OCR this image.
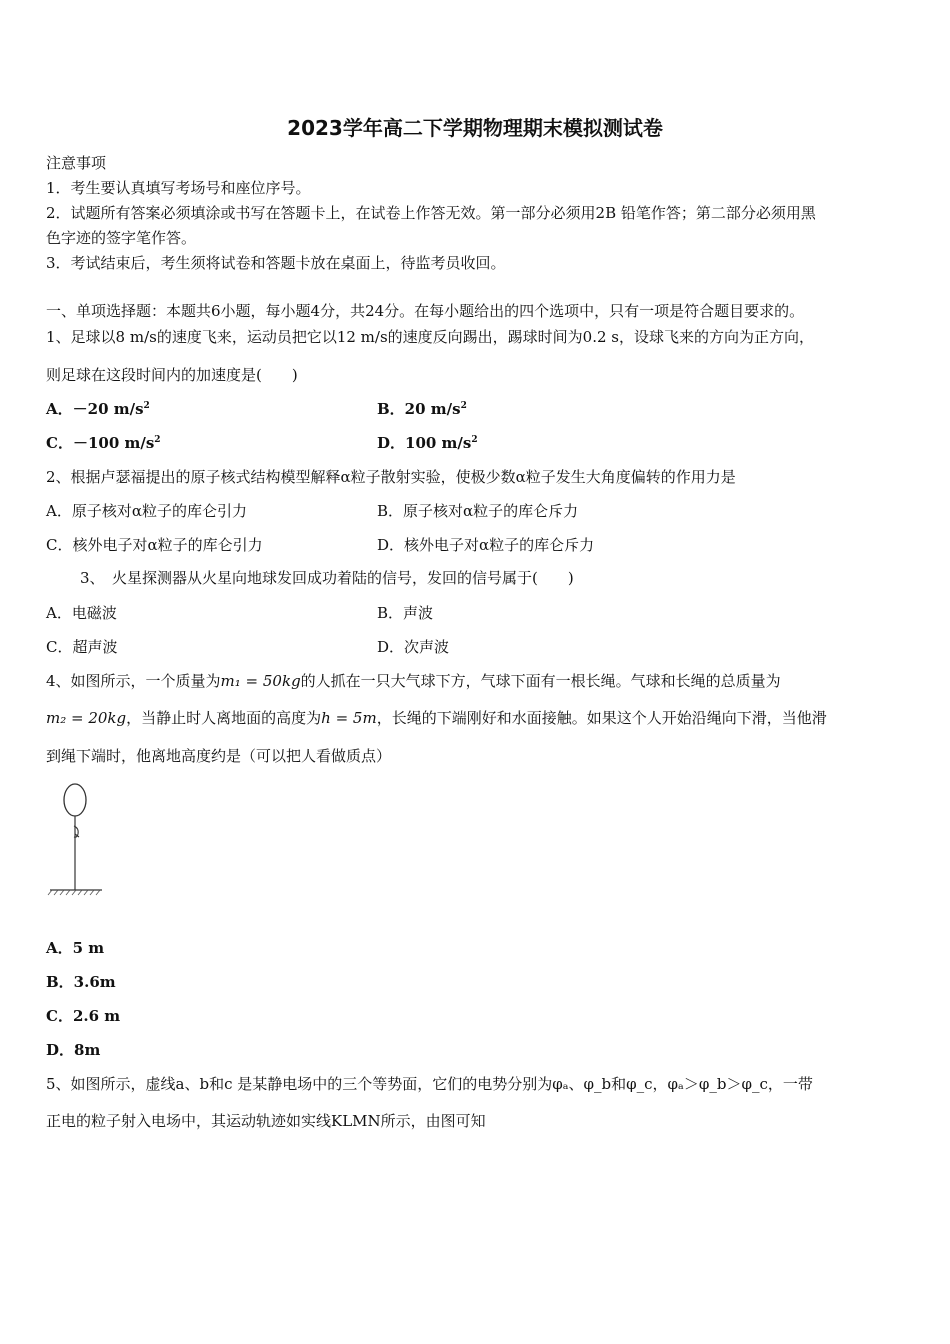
2023学年高二下学期物理期末模拟测试卷
注意事项
1．考生要认真填写考场号和座位序号。
2．试题所有答案必须填涂或书写在答题卡上，在试卷上作答无效。第一部分必须用2B 铅笔作答；第二部分必须用黑
色字迹的签字笔作答。
3．考试结束后，考生须将试卷和答题卡放在桌面上，待监考员收回。
一、单项选择题：本题共6小题，每小题4分，共24分。在每小题给出的四个选项中，只有一项是符合题目要求的。
1、足球以8 m/s的速度飞来，运动员把它以12 m/s的速度反向踢出，踢球时间为0.2 s，设球飞来的方向为正方向，
则足球在这段时间内的加速度是(　　)
A．－20 $m/s^2$	B．20 $m/s^2$
C．－100 $m/s^2$	D．100 $m/s^2$
2、根据卢瑟福提出的原子核式结构模型解释α粒子散射实验，使极少数α粒子发生大角度偏转的作用力是
A．原子核对α粒子的库仑引力	B．原子核对α粒子的库仑斥力
C．核外电子对α粒子的库仑引力	D．核外电子对α粒子的库仑斥力
3、　火星探测器从火星向地球发回成功着陆的信号，发回的信号属于(　　)
A．电磁波	B．声波
C．超声波	D．次声波
4、如图所示，一个质量为m₁ = 50kg的人抓在一只大气球下方，气球下面有一根长绳。气球和长绳的总质量为
m₂ = 20kg，当静止时人离地面的高度为h = 5m，长绳的下端刚好和水面接触。如果这个人开始沿绳向下滑，当他滑
到绳下端时，他离地高度约是（可以把人看做质点）
A．5 m
B．3.6m
C．2.6 m
D．8m
5、如图所示，虚线a、b和c 是某静电场中的三个等势面，它们的电势分别为φₐ、φ_b和φ_c，φₐ＞φ_b＞φ_c，一带
正电的粒子射入电场中，其运动轨迹如实线KLMN所示，由图可知
